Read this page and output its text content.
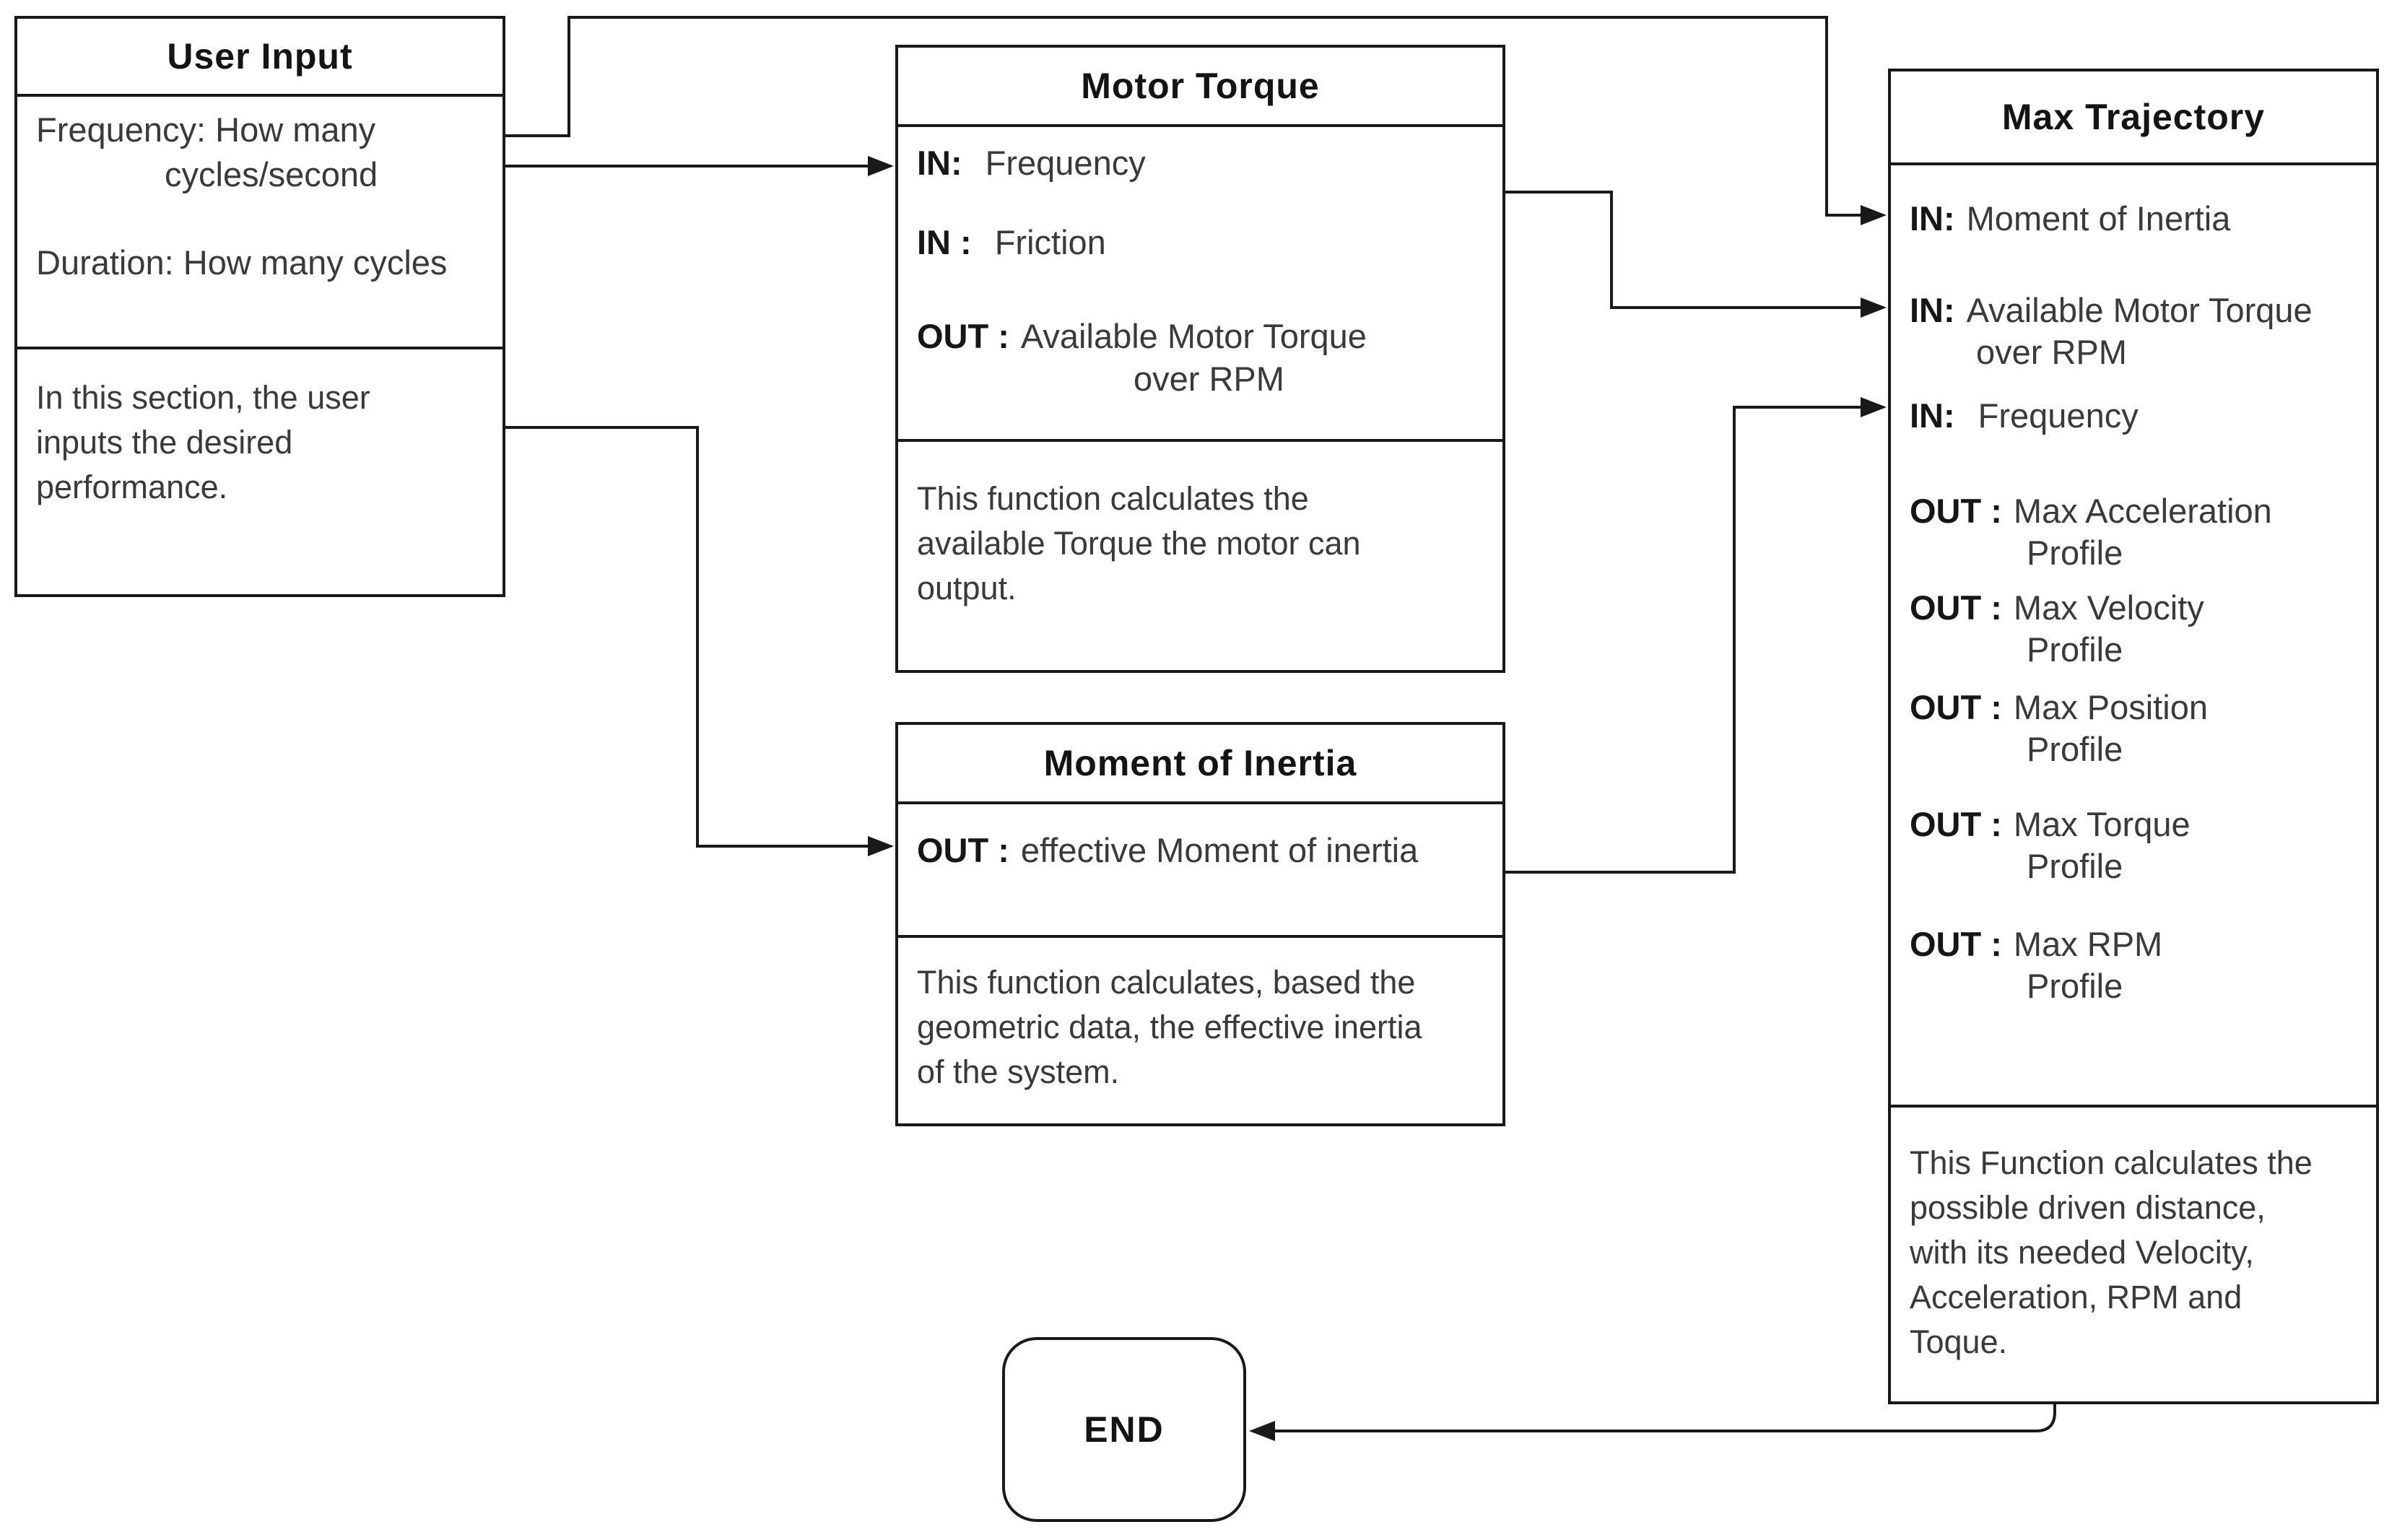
User Input
Frequency: How many
cycles/second
Duration: How many cycles
In this section, the user
inputs the desired
performance.
Motor Torque
IN: Frequency
IN : Friction
OUT : Available Motor Torque
over RPM
This function calculates the
available Torque the motor can
output.
Moment of Inertia
OUT : effective Moment of inertia
This function calculates, based the
geometric data, the effective inertia
of the system.
Max Trajectory
IN: Moment of Inertia
IN: Available Motor Torque
over RPM
IN: Frequency
OUT : Max Acceleration
Profile
OUT : Max Velocity
Profile
OUT : Max Position
Profile
OUT : Max Torque
Profile
OUT : Max RPM
Profile
This Function calculates the
possible driven distance,
with its needed Velocity,
Acceleration, RPM and
Toque.
END
